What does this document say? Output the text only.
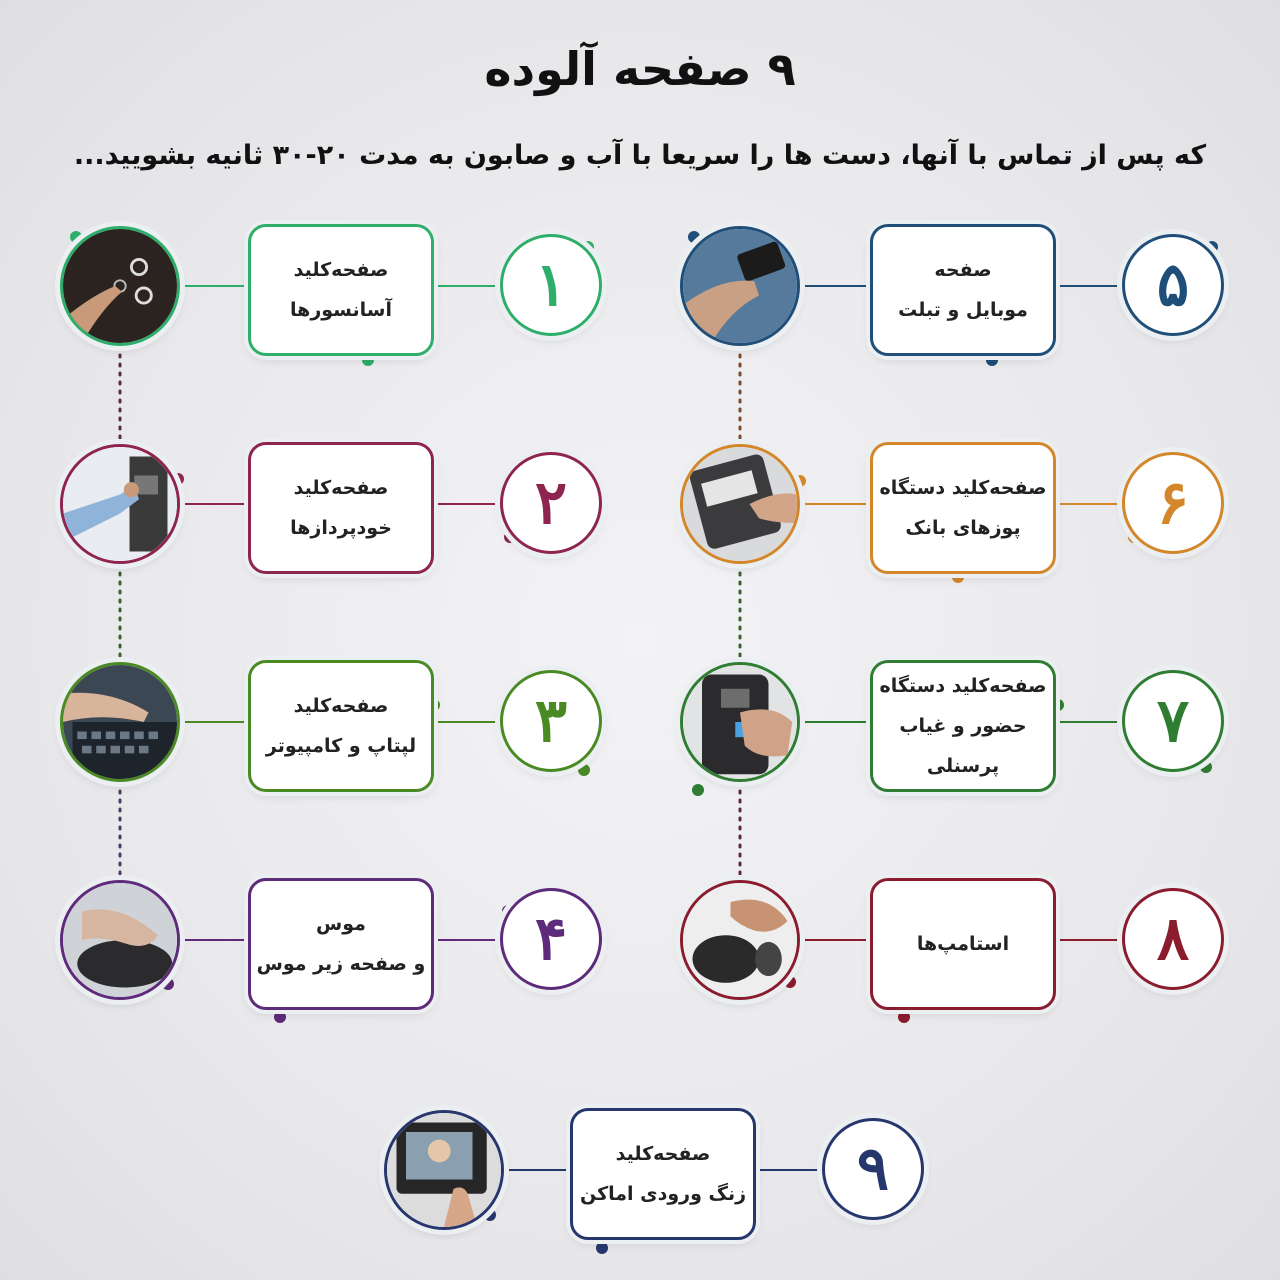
۹ صفحه آلوده
که پس از تماس با آنها، دست ها را سریعا با آب و صابون به مدت ۲۰-۳۰ ثانیه بشویید...
صفحه‌کلید
آسانسورها	۱
صفحه‌کلید
خودپردازها	۲
صفحه‌کلید
لپتاپ و کامپیوتر	۳
موس
و صفحه زیر موس	۴
صفحه
موبایل و تبلت	۵
صفحه‌کلید دستگاه
پوزهای بانک	۶
صفحه‌کلید دستگاه
حضور و غیاب پرسنلی
۷
استامپ‌ها	۸
صفحه‌کلید
زنگ ورودی اماکن	۹
